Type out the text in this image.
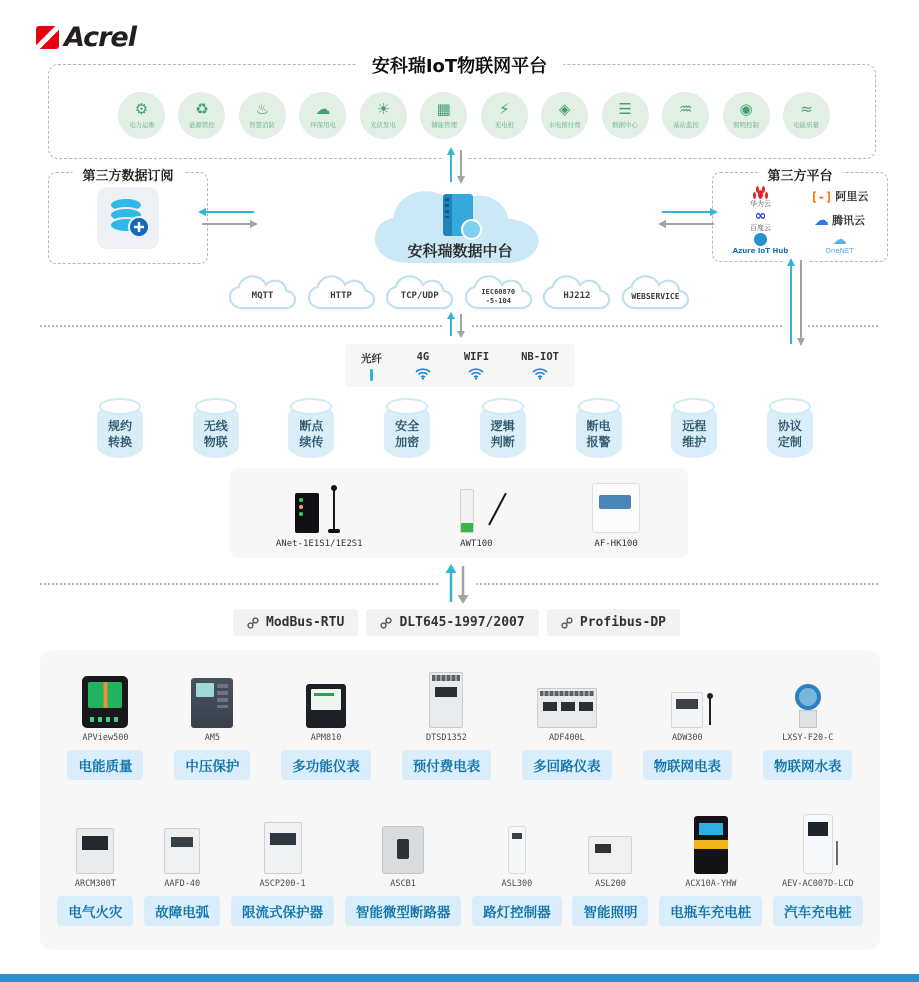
Acrel
安科瑞IoT物联网平台
⚙
电力运维
♻
能源管控
♨
智慧消防
☁
环保用电
☀
光伏发电
▦
储能管理
⚡
充电桩
◈
水电预付费
☰
数据中心
♒
基站监控
◉
照明控制
≈
电能质量
第三方数据订阅
安科瑞数据中台
第三方平台
华为云	[-] 阿里云
∞
百度云	☁ 腾讯云
Azure IoT Hub
☁
OneNET
MQTT	HTTP	TCP/UDP	IEC60870
-5-104	HJ212	WEBSERVICE
光纤	4G	WIFI	NB-IOT
规约
转换
无线
物联
断点
续传
安全
加密
逻辑
判断
断电
报警
远程
维护
协议
定制
ANet-1E1S1/1E2S1	AWT100	AF-HK100
ModBus-RTU	DLT645-1997/2007	Profibus-DP
APView500
电能质量
AM5
中压保护
APM810
多功能仪表
DTSD1352
预付费电表
ADF400L
多回路仪表
ADW300
物联网电表
LXSY-F20-C
物联网水表
ARCM300T
电气火灾
AAFD-40
故障电弧
ASCP200-1
限流式保护器
ASCB1
智能微型断路器
ASL300
路灯控制器
ASL200
智能照明
ACX10A-YHW
电瓶车充电桩
AEV-AC007D-LCD
汽车充电桩
